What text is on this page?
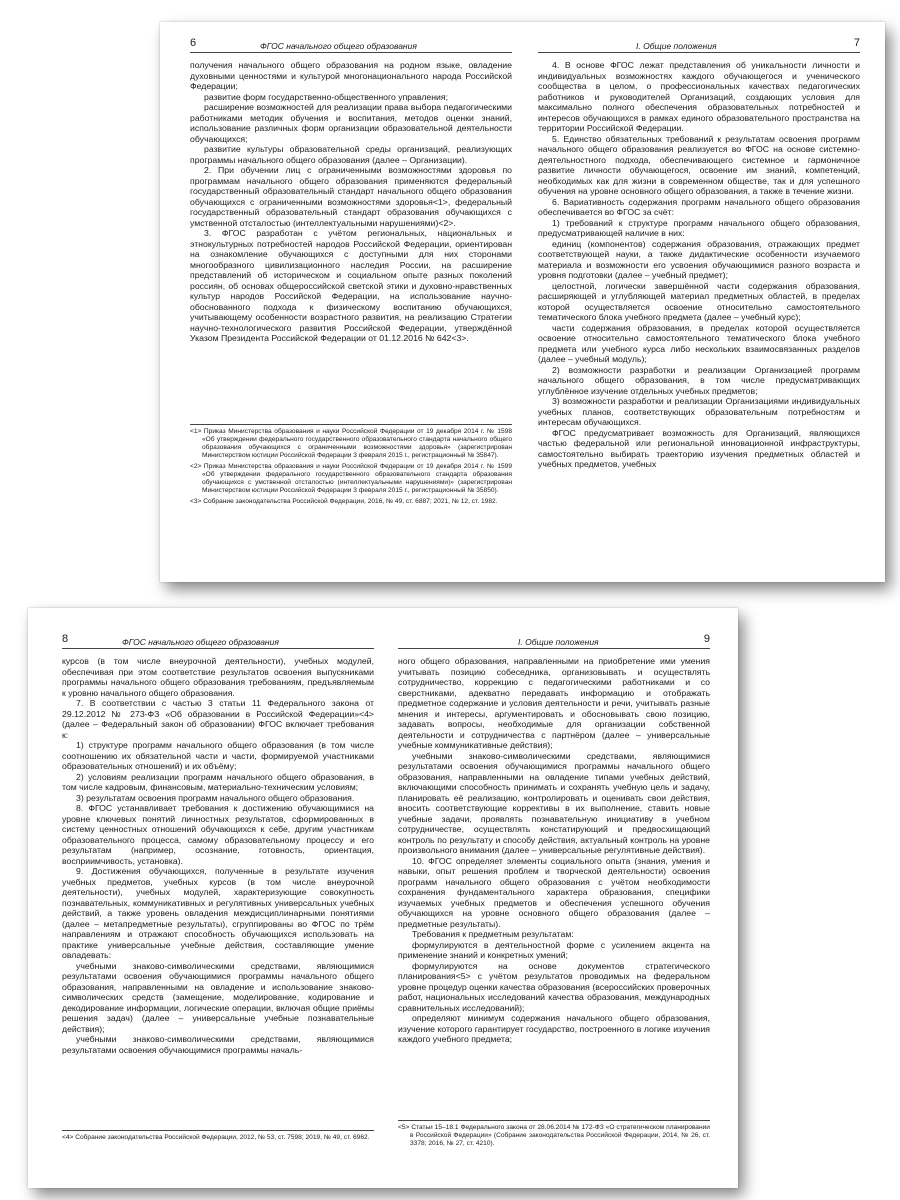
6	ФГОС начального общего образования

получения начального общего образования на родном языке, овладение духовными ценностями и культурой многонационального народа Российской Федерации;

развитие форм государственно-общественного управления;

расширение возможностей для реализации права выбора педагогическими работниками методик обучения и воспитания, методов оценки знаний, использование различных форм организации образовательной деятельности обучающихся;

развитие культуры образовательной среды организаций, реализующих программы начального общего образования (далее – Организации).

2. При обучении лиц с ограниченными возможностями здоровья по программам начального общего образования применяются федеральный государственный образовательный стандарт начального общего образования обучающихся с ограниченными возможностями здоровья<1>, федеральный государственный образовательный стандарт образования обучающихся с умственной отсталостью (интеллектуальными нарушениями)<2>.

3. ФГОС разработан с учётом региональных, национальных и этнокультурных потребностей народов Российской Федерации, ориентирован на ознакомление обучающихся с доступными для них сторонами многообразного цивилизационного наследия России, на расширение представлений об историческом и социальном опыте разных поколений россиян, об основах общероссийской светской этики и духовно-нравственных культур народов Российской Федерации, на использование научно-обоснованного подхода к физическому воспитанию обучающихся, учитывающему особенности возрастного развития, на реализацию Стратегии научно-технологического развития Российской Федерации, утверждённой Указом Президента Российской Федерации от 01.12.2016 № 642<3>.

<1> Приказ Министерства образования и науки Российской Федерации от 19 декабря 2014 г. № 1598 «Об утверждении федерального государственного образовательного стандарта начального общего образования обучающихся с ограниченными возможностями здоровья» (зарегистрирован Министерством юстиции Российской Федерации 3 февраля 2015 г., регистрационный № 35847).

<2> Приказ Министерства образования и науки Российской Федерации от 19 декабря 2014 г. № 1599 «Об утверждении федерального государственного образовательного стандарта образования обучающихся с умственной отсталостью (интеллектуальными нарушениями)» (зарегистрирован Министерством юстиции Российской Федерации 3 февраля 2015 г., регистрационный № 35850).

<3> Собрание законодательства Российской Федерации, 2016, № 49, ст. 6887; 2021, № 12, ст. 1982.

I. Общие положения	7

4. В основе ФГОС лежат представления об уникальности личности и индивидуальных возможностях каждого обучающегося и ученического сообщества в целом, о профессиональных качествах педагогических работников и руководителей Организаций, создающих условия для максимально полного обеспечения образовательных потребностей и интересов обучающихся в рамках единого образовательного пространства на территории Российской Федерации.

5. Единство обязательных требований к результатам освоения программ начального общего образования реализуется во ФГОС на основе системно-деятельностного подхода, обеспечивающего системное и гармоничное развитие личности обучающегося, освоение им знаний, компетенций, необходимых как для жизни в современном обществе, так и для успешного обучения на уровне основного общего образования, а также в течение жизни.

6. Вариативность содержания программ начального общего образования обеспечивается во ФГОС за счёт:

1) требований к структуре программ начального общего образования, предусматривающей наличие в них:

единиц (компонентов) содержания образования, отражающих предмет соответствующей науки, а также дидактические особенности изучаемого материала и возможности его усвоения обучающимися разного возраста и уровня подготовки (далее – учебный предмет);

целостной, логически завершённой части содержания образования, расширяющей и углубляющей материал предметных областей, в пределах которой осуществляется освоение относительно самостоятельного тематического блока учебного предмета (далее – учебный курс);

части содержания образования, в пределах которой осуществляется освоение относительно самостоятельного тематического блока учебного предмета или учебного курса либо нескольких взаимосвязанных разделов (далее – учебный модуль);

2) возможности разработки и реализации Организацией программ начального общего образования, в том числе предусматривающих углублённое изучение отдельных учебных предметов;

3) возможности разработки и реализации Организациями индивидуальных учебных планов, соответствующих образовательным потребностям и интересам обучающихся.

ФГОС предусматривает возможность для Организаций, являющихся частью федеральной или региональной инновационной инфраструктуры, самостоятельно выбирать траекторию изучения предметных областей и учебных предметов, учебных

8	ФГОС начального общего образования

курсов (в том числе внеурочной деятельности), учебных модулей, обеспечивая при этом соответствие результатов освоения выпускниками программы начального общего образования требованиям, предъявляемым к уровню начального общего образования.

7. В соответствии с частью 3 статьи 11 Федерального закона от 29.12.2012 № 273-ФЗ «Об образовании в Российской Федерации»<4> (далее – Федеральный закон об образовании) ФГОС включает требования к:

1) структуре программ начального общего образования (в том числе соотношению их обязательной части и части, формируемой участниками образовательных отношений) и их объёму;

2) условиям реализации программ начального общего образования, в том числе кадровым, финансовым, материально-техническим условиям;

3) результатам освоения программ начального общего образования.

8. ФГОС устанавливает требования к достижению обучающимися на уровне ключевых понятий личностных результатов, сформированных в систему ценностных отношений обучающихся к себе, другим участникам образовательного процесса, самому образовательному процессу и его результатам (например, осознание, готовность, ориентация, восприимчивость, установка).

9. Достижения обучающихся, полученные в результате изучения учебных предметов, учебных курсов (в том числе внеурочной деятельности), учебных модулей, характеризующие совокупность познавательных, коммуникативных и регулятивных универсальных учебных действий, а также уровень овладения междисциплинарными понятиями (далее – метапредметные результаты), сгруппированы во ФГОС по трём направлениям и отражают способность обучающихся использовать на практике универсальные учебные действия, составляющие умение овладевать:

учебными знаково-символическими средствами, являющимися результатами освоения обучающимися программы начального общего образования, направленными на овладение и использование знаково-символических средств (замещение, моделирование, кодирование и декодирование информации, логические операции, включая общие приёмы решения задач) (далее – универсальные учебные познавательные действия);

учебными знаково-символическими средствами, являющимися результатами освоения обучающимися программы началь-

<4> Собрание законодательства Российской Федерации, 2012, № 53, ст. 7598; 2019, № 49, ст. 6962.

I. Общие положения	9

ного общего образования, направленными на приобретение ими умения учитывать позицию собеседника, организовывать и осуществлять сотрудничество, коррекцию с педагогическими работниками и со сверстниками, адекватно передавать информацию и отображать предметное содержание и условия деятельности и речи, учитывать разные мнения и интересы, аргументировать и обосновывать свою позицию, задавать вопросы, необходимые для организации собственной деятельности и сотрудничества с партнёром (далее – универсальные учебные коммуникативные действия);

учебными знаково-символическими средствами, являющимися результатами освоения обучающимися программы начального общего образования, направленными на овладение типами учебных действий, включающими способность принимать и сохранять учебную цель и задачу, планировать её реализацию, контролировать и оценивать свои действия, вносить соответствующие коррективы в их выполнение, ставить новые учебные задачи, проявлять познавательную инициативу в учебном сотрудничестве, осуществлять констатирующий и предвосхищающий контроль по результату и способу действия, актуальный контроль на уровне произвольного внимания (далее – универсальные регулятивные действия).

10. ФГОС определяет элементы социального опыта (знания, умения и навыки, опыт решения проблем и творческой деятельности) освоения программ начального общего образования с учётом необходимости сохранения фундаментального характера образования, специфики изучаемых учебных предметов и обеспечения успешного обучения обучающихся на уровне основного общего образования (далее – предметные результаты).

Требования к предметным результатам:

формулируются в деятельностной форме с усилением акцента на применение знаний и конкретных умений;

формулируются на основе документов стратегического планирования<5> с учётом результатов проводимых на федеральном уровне процедур оценки качества образования (всероссийских проверочных работ, национальных исследований качества образования, международных сравнительных исследований);

определяют минимум содержания начального общего образования, изучение которого гарантирует государство, построенного в логике изучения каждого учебного предмета;

<5> Статьи 15–18.1 Федерального закона от 28.06.2014 № 172-ФЗ «О стратегическом планировании в Российской Федерации» (Собрание законодательства Российской Федерации, 2014, № 26, ст. 3378; 2016, № 27, ст. 4210).
